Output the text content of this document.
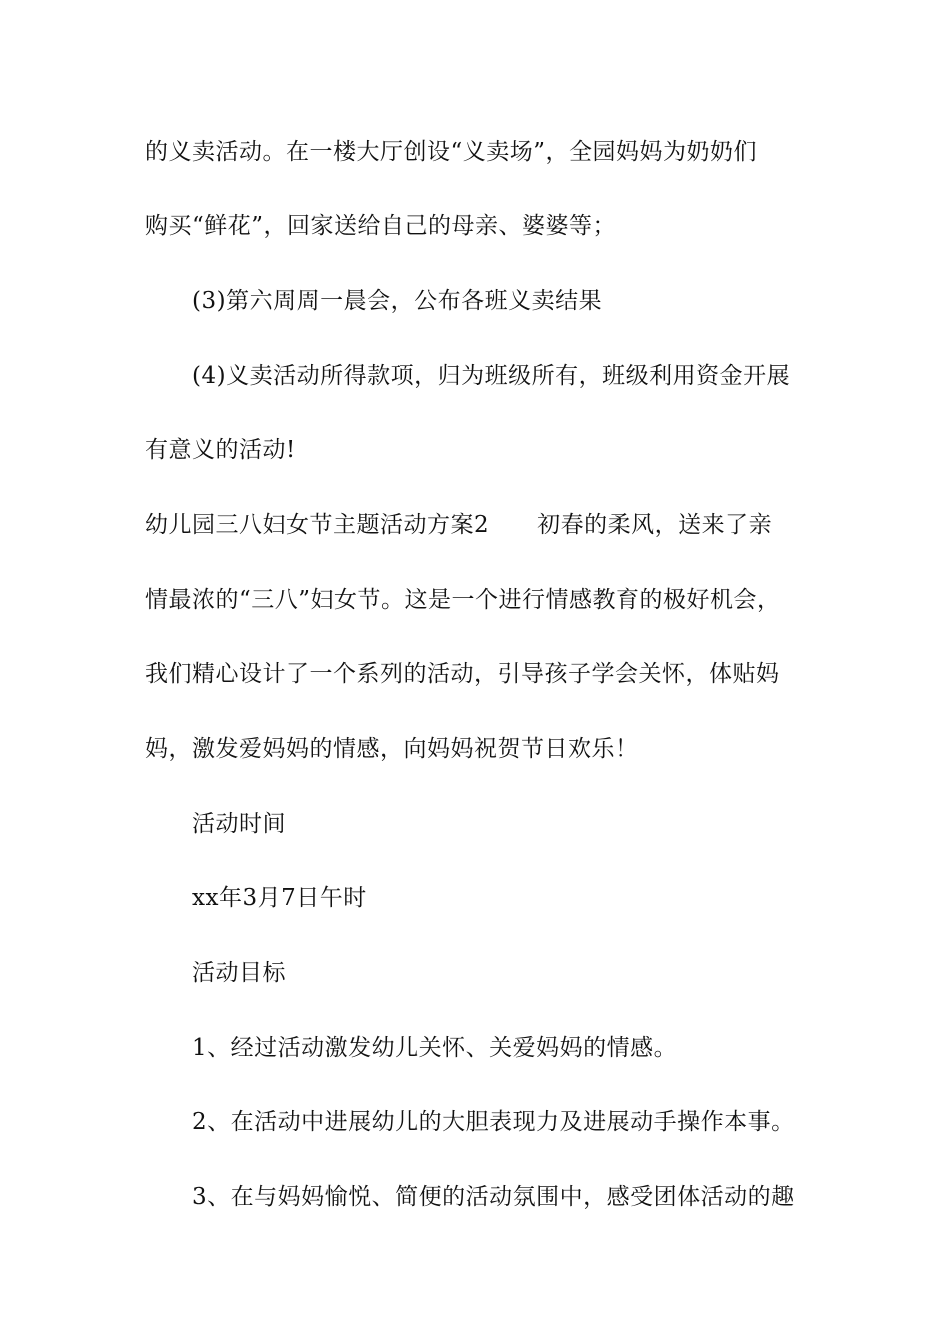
的义卖活动。在一楼大厅创设“义卖场”，全园妈妈为奶奶们
购买“鲜花”，回家送给自己的母亲、婆婆等；
(3)第六周周一晨会，公布各班义卖结果
(4)义卖活动所得款项，归为班级所有，班级利用资金开展
有意义的活动!
幼儿园三八妇女节主题活动方案2 初春的柔风，送来了亲
情最浓的“三八”妇女节。这是一个进行情感教育的极好机会，
我们精心设计了一个系列的活动，引导孩子学会关怀，体贴妈
妈，激发爱妈妈的情感，向妈妈祝贺节日欢乐！
活动时间
xx年3月7日午时
活动目标
1、经过活动激发幼儿关怀、关爱妈妈的情感。
2、在活动中进展幼儿的大胆表现力及进展动手操作本事。
3、在与妈妈愉悦、简便的活动氛围中，感受团体活动的趣
